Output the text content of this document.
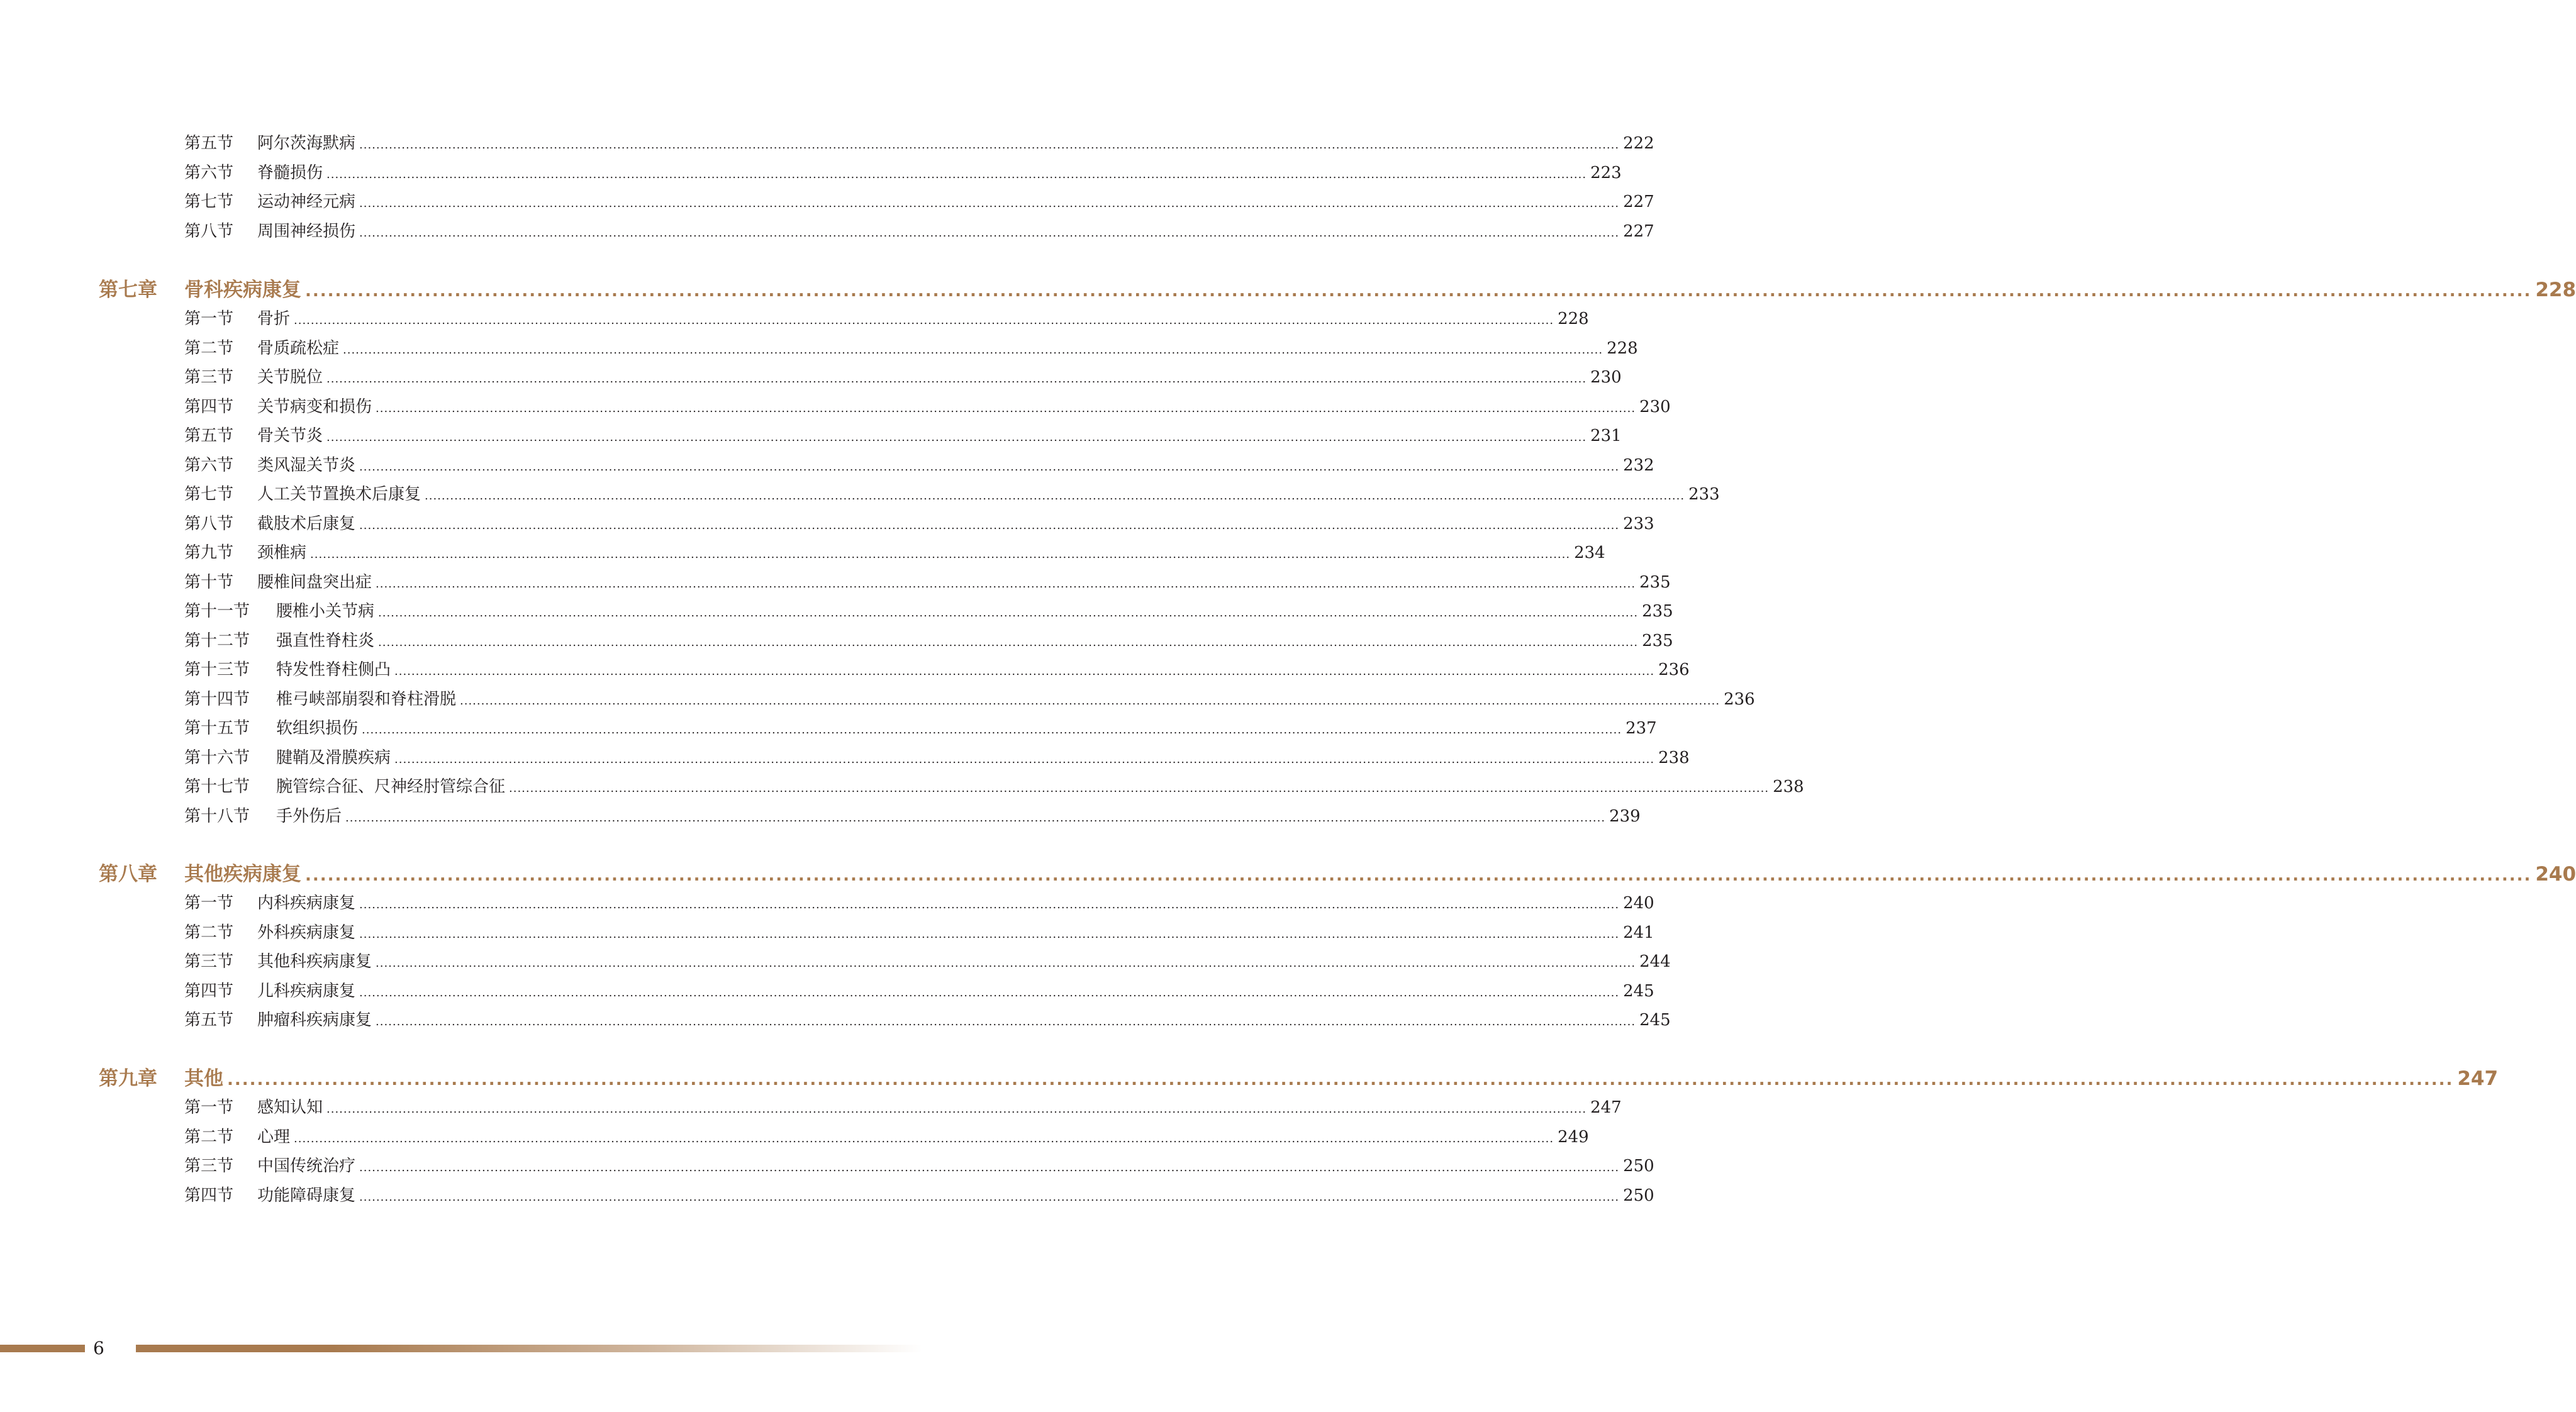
第五节	阿尔茨海默病 .......................................................................................................................................................................................................................................................................................................... 222
第六节	脊髓损伤 .......................................................................................................................................................................................................................................................................................................... 223
第七节	运动神经元病 .......................................................................................................................................................................................................................................................................................................... 227
第八节	周围神经损伤 .......................................................................................................................................................................................................................................................................................................... 227
第七章	骨科疾病康复 .......................................................................................................................................................................................................................................................................................................... 228
第一节	骨折 .......................................................................................................................................................................................................................................................................................................... 228
第二节	骨质疏松症 .......................................................................................................................................................................................................................................................................................................... 228
第三节	关节脱位 .......................................................................................................................................................................................................................................................................................................... 230
第四节	关节病变和损伤 .......................................................................................................................................................................................................................................................................................................... 230
第五节	骨关节炎 .......................................................................................................................................................................................................................................................................................................... 231
第六节	类风湿关节炎 .......................................................................................................................................................................................................................................................................................................... 232
第七节	人工关节置换术后康复 .......................................................................................................................................................................................................................................................................................................... 233
第八节	截肢术后康复 .......................................................................................................................................................................................................................................................................................................... 233
第九节	颈椎病 .......................................................................................................................................................................................................................................................................................................... 234
第十节	腰椎间盘突出症 .......................................................................................................................................................................................................................................................................................................... 235
第十一节	腰椎小关节病 .......................................................................................................................................................................................................................................................................................................... 235
第十二节	强直性脊柱炎 .......................................................................................................................................................................................................................................................................................................... 235
第十三节	特发性脊柱侧凸 .......................................................................................................................................................................................................................................................................................................... 236
第十四节	椎弓峡部崩裂和脊柱滑脱 .......................................................................................................................................................................................................................................................................................................... 236
第十五节	软组织损伤 .......................................................................................................................................................................................................................................................................................................... 237
第十六节	腱鞘及滑膜疾病 .......................................................................................................................................................................................................................................................................................................... 238
第十七节	腕管综合征、尺神经肘管综合征 .......................................................................................................................................................................................................................................................................................................... 238
第十八节	手外伤后 .......................................................................................................................................................................................................................................................................................................... 239
第八章	其他疾病康复 .......................................................................................................................................................................................................................................................................................................... 240
第一节	内科疾病康复 .......................................................................................................................................................................................................................................................................................................... 240
第二节	外科疾病康复 .......................................................................................................................................................................................................................................................................................................... 241
第三节	其他科疾病康复 .......................................................................................................................................................................................................................................................................................................... 244
第四节	儿科疾病康复 .......................................................................................................................................................................................................................................................................................................... 245
第五节	肿瘤科疾病康复 .......................................................................................................................................................................................................................................................................................................... 245
第九章	其他 .......................................................................................................................................................................................................................................................................................................... 247
第一节	感知认知 .......................................................................................................................................................................................................................................................................................................... 247
第二节	心理 .......................................................................................................................................................................................................................................................................................................... 249
第三节	中国传统治疗 .......................................................................................................................................................................................................................................................................................................... 250
第四节	功能障碍康复 .......................................................................................................................................................................................................................................................................................................... 250
6
